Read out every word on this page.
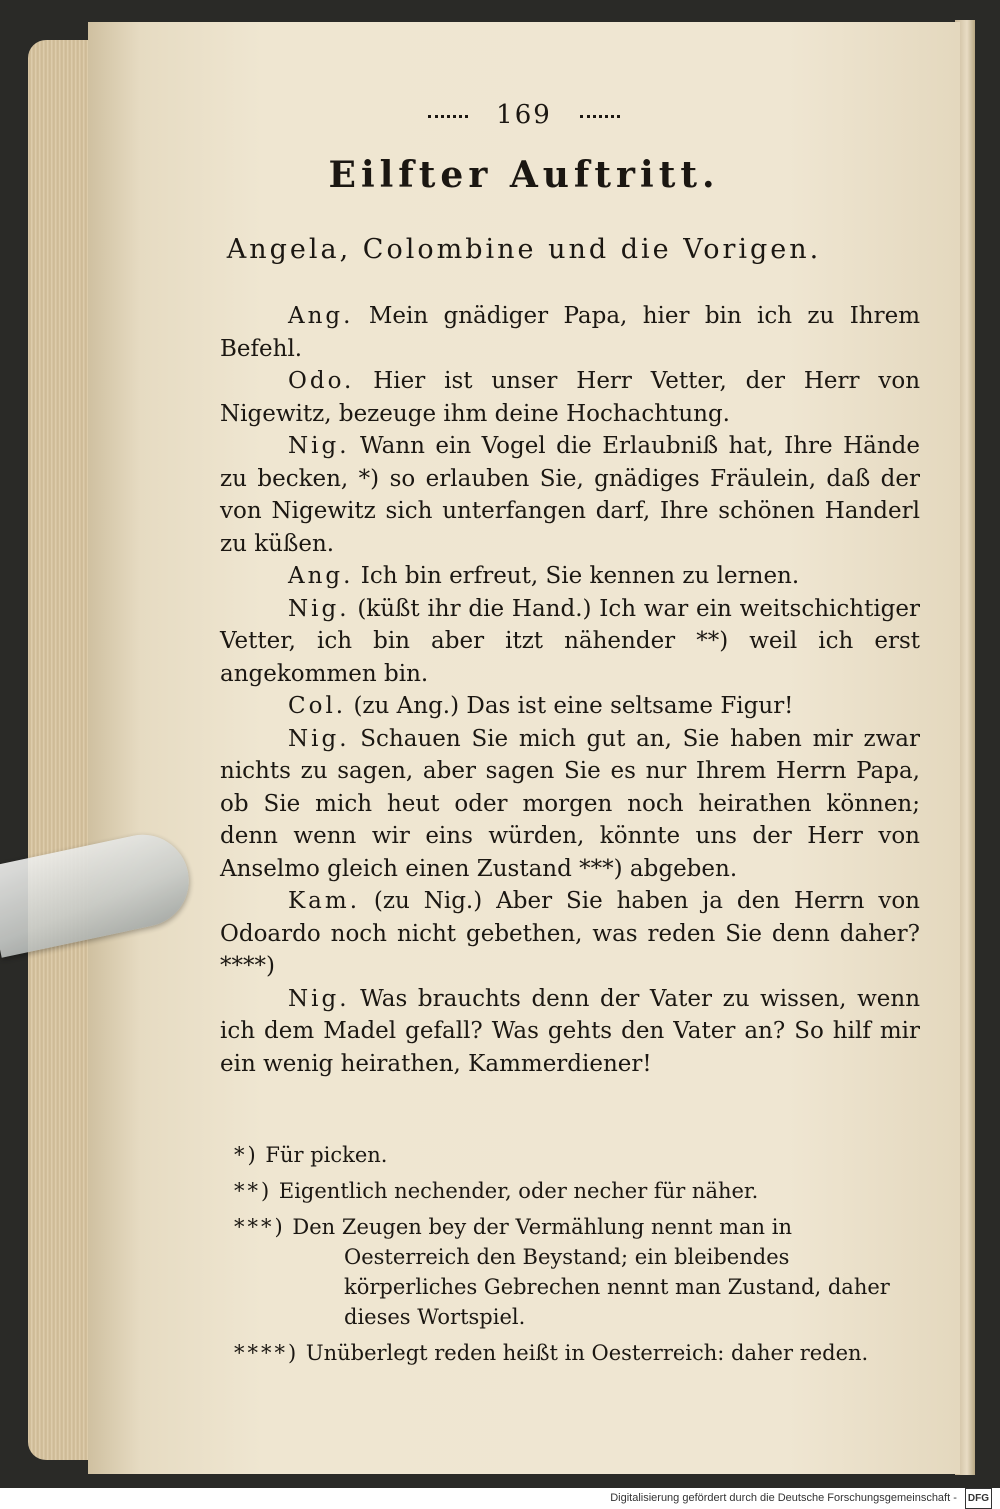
169
Eilfter Auftritt.
Angela, Colombine und die Vorigen.

Ang. Mein gnädiger Papa, hier bin ich zu Ihrem Befehl.

Odo. Hier ist unser Herr Vetter, der Herr von Nigewitz, bezeuge ihm deine Hochachtung.

Nig. Wann ein Vogel die Erlaubniß hat, Ihre Hände zu becken, *) so erlauben Sie, gnädiges Fräulein, daß der von Nigewitz sich unterfangen darf, Ihre schönen Handerl zu küßen.

Ang. Ich bin erfreut, Sie kennen zu lernen.

Nig. (küßt ihr die Hand.) Ich war ein weitschichtiger Vetter, ich bin aber itzt nähender **) weil ich erst angekommen bin.

Col. (zu Ang.) Das ist eine seltsame Figur!

Nig. Schauen Sie mich gut an, Sie haben mir zwar nichts zu sagen, aber sagen Sie es nur Ihrem Herrn Papa, ob Sie mich heut oder morgen noch heirathen können; denn wenn wir eins würden, könnte uns der Herr von Anselmo gleich einen Zustand ***) abgeben.

Kam. (zu Nig.) Aber Sie haben ja den Herrn von Odoardo noch nicht gebethen, was reden Sie denn daher? ****)

Nig. Was brauchts denn der Vater zu wissen, wenn ich dem Madel gefall? Was gehts den Vater an? So hilf mir ein wenig heirathen, Kammerdiener!

*) Für picken.
**) Eigentlich nechender, oder necher für näher.
***) Den Zeugen bey der Vermählung nennt man in Oesterreich den Beystand; ein bleibendes körperliches Gebrechen nennt man Zustand, daher dieses Wortspiel.
****) Unüberlegt reden heißt in Oesterreich: daher reden.
Digitalisierung gefördert durch die Deutsche Forschungsgemeinschaft - DFG
